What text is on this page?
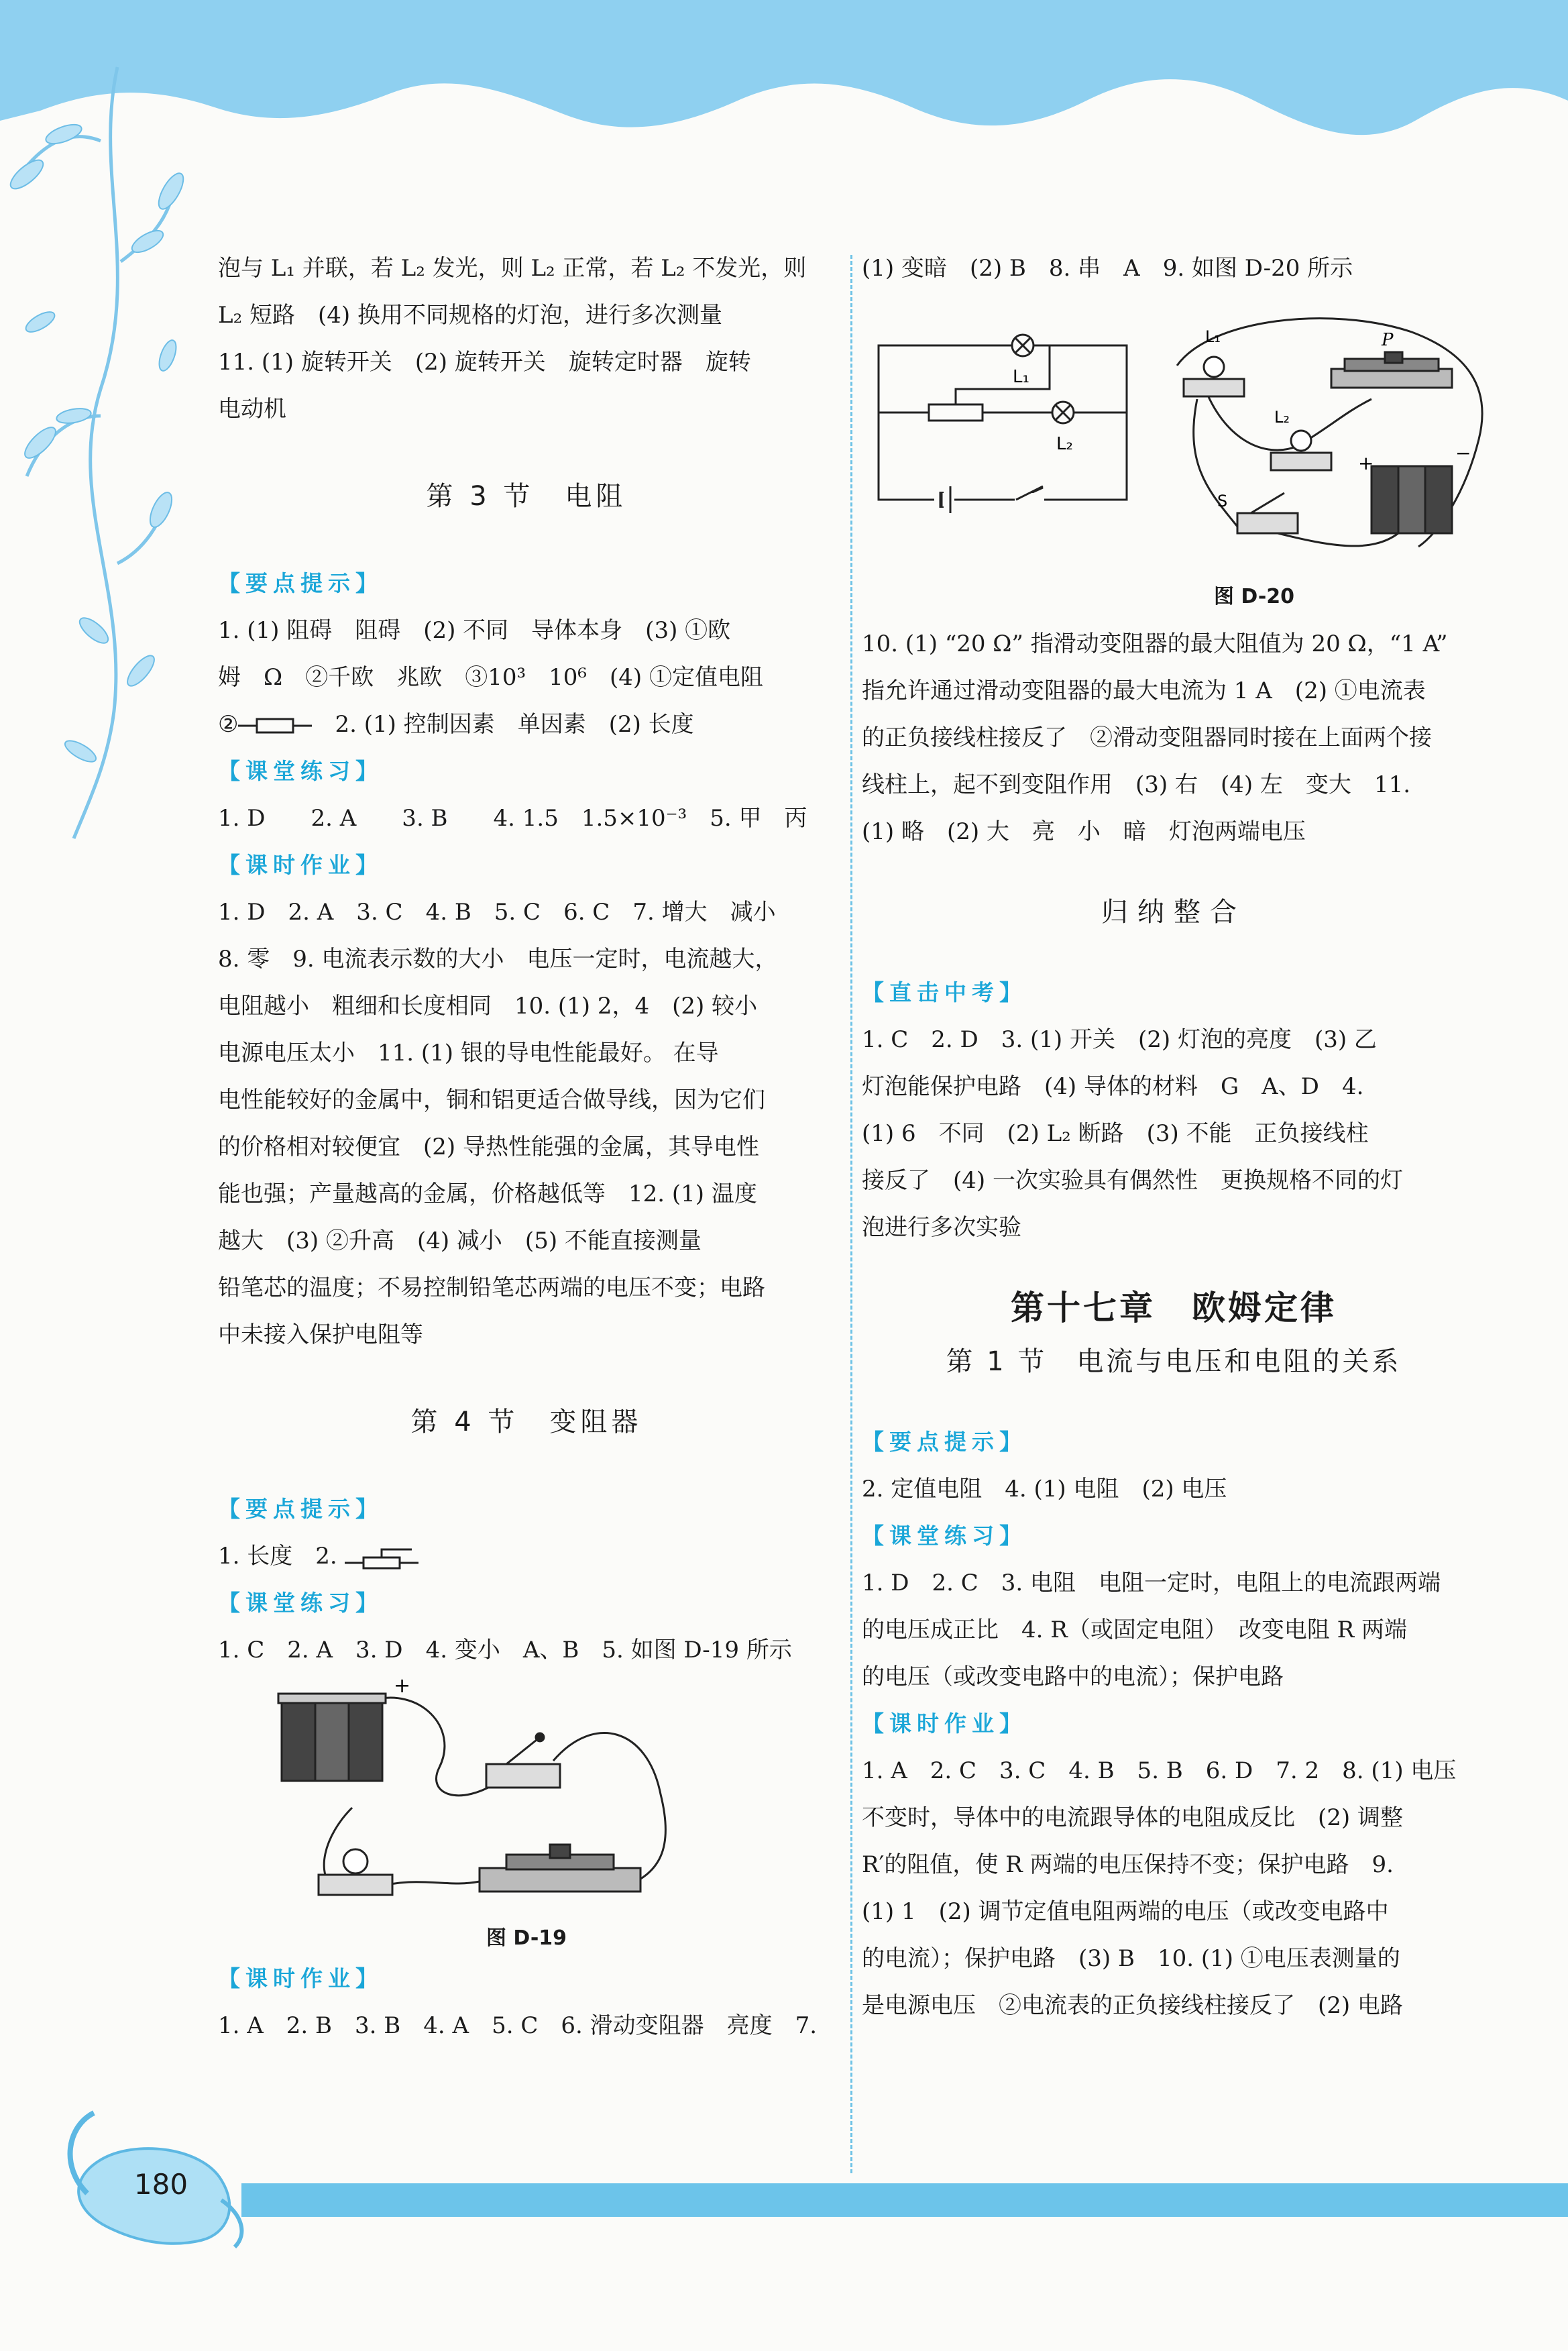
泡与 L₁ 并联，若 L₂ 发光，则 L₂ 正常，若 L₂ 不发光，则

L₂ 短路　(4) 换用不同规格的灯泡，进行多次测量

11. (1) 旋转开关　(2) 旋转开关　旋转定时器　旋转

电动机

第 3 节　电阻

【要点提示】

1. (1) 阻碍　阻碍　(2) 不同　导体本身　(3) ①欧

姆　Ω　②千欧　兆欧　③10³　10⁶　(4) ①定值电阻

②	　2. (1) 控制因素　单因素　(2) 长度

【课堂练习】

1. D　　2. A　　3. B　　4. 1.5　1.5×10⁻³　5. 甲　丙

【课时作业】

1. D　2. A　3. C　4. B　5. C　6. C　7. 增大　减小

8. 零　9. 电流表示数的大小　电压一定时，电流越大，

电阻越小　粗细和长度相同　10. (1) 2，4　(2) 较小

电源电压太小　11. (1) 银的导电性能最好。 在导

电性能较好的金属中，铜和铝更适合做导线，因为它们

的价格相对较便宜　(2) 导热性能强的金属，其导电性

能也强；产量越高的金属，价格越低等　12. (1) 温度

越大　(3) ②升高　(4) 减小　(5) 不能直接测量

铅笔芯的温度；不易控制铅笔芯两端的电压不变；电路

中未接入保护电阻等

第 4 节　变阻器

【要点提示】

1. 长度　2.

【课堂练习】

1. C　2. A　3. D　4. 变小　A、B　5. 如图 D-19 所示

+
图 D-19

【课时作业】

1. A　2. B　3. B　4. A　5. C　6. 滑动变阻器　亮度　7.

(1) 变暗　(2) B　8. 串　A　9. 如图 D-20 所示

L₁
L₂
L₁
L₂
P
S
+	−
图 D-20

10. (1) “20 Ω” 指滑动变阻器的最大阻值为 20 Ω，“1 A”

指允许通过滑动变阻器的最大电流为 1 A　(2) ①电流表

的正负接线柱接反了　②滑动变阻器同时接在上面两个接

线柱上，起不到变阻作用　(3) 右　(4) 左　变大　11.

(1) 略　(2) 大　亮　小　暗　灯泡两端电压

归纳整合

【直击中考】

1. C　2. D　3. (1) 开关　(2) 灯泡的亮度　(3) 乙

灯泡能保护电路　(4) 导体的材料　G　A、D　4.

(1) 6　不同　(2) L₂ 断路　(3) 不能　正负接线柱

接反了　(4) 一次实验具有偶然性　更换规格不同的灯

泡进行多次实验

第十七章　欧姆定律

第 1 节　电流与电压和电阻的关系

【要点提示】

2. 定值电阻　4. (1) 电阻　(2) 电压

【课堂练习】

1. D　2. C　3. 电阻　电阻一定时，电阻上的电流跟两端

的电压成正比　4. R（或固定电阻）　改变电阻 R 两端

的电压（或改变电路中的电流）；保护电路

【课时作业】

1. A　2. C　3. C　4. B　5. B　6. D　7. 2　8. (1) 电压

不变时，导体中的电流跟导体的电阻成反比　(2) 调整

R′的阻值，使 R 两端的电压保持不变；保护电路　9.

(1) 1　(2) 调节定值电阻两端的电压（或改变电路中

的电流）；保护电路　(3) B　10. (1) ①电压表测量的

是电源电压　②电流表的正负接线柱接反了　(2) 电路

180
